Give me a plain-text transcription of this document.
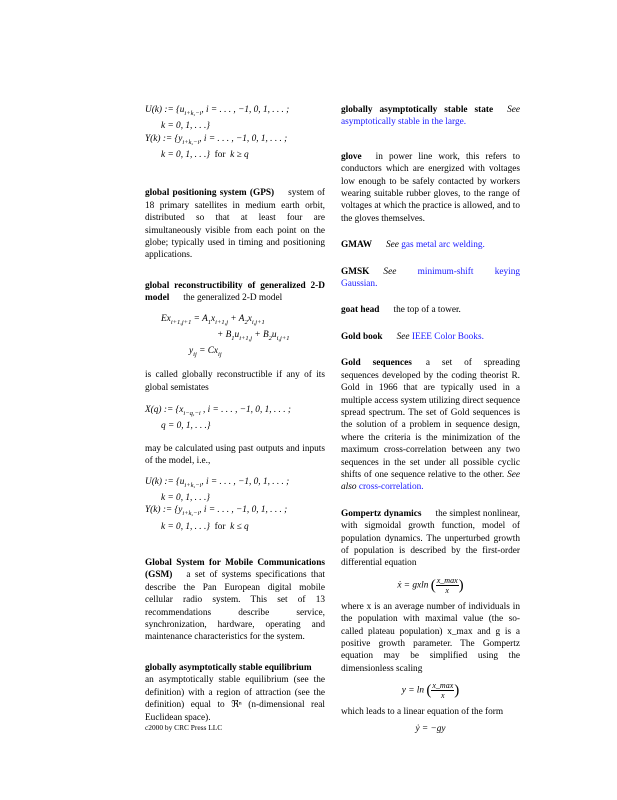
U(k) := {$u_{i+k,-i}$, i = . . . , −1, 0, 1, . . . ;
k = 0, 1, . . .}
Y(k) := {$y_{i+k,-i}$, i = . . . , −1, 0, 1, . . . ;
k = 0, 1, . . .}  for  k ≥ q

global positioning system (GPS) system of 18 primary satellites in medium earth orbit, distributed so that at least four are simultaneously visible from each point on the globe; typically used in timing and positioning applications.

global reconstructibility of generalized 2-D model the generalized 2-D model

$Ex_{i+1,j+1} = A_1x_{i+1,j} + A_2x_{i,j+1}$
+ $B_1u_{i+1,j} + B_2u_{i,j+1}$
$y_{ij} = Cx_{ij}$

is called globally reconstructible if any of its global semistates

X(q) := {$x_{i-q,-i}$ , i = . . . , −1, 0, 1, . . . ;
q = 0, 1, . . .}

may be calculated using past outputs and inputs of the model, i.e.,

U(k) := {$u_{i+k,-i}$, i = . . . , −1, 0, 1, . . . ;
k = 0, 1, . . .}
Y(k) := {$y_{i+k,-i}$, i = . . . , −1, 0, 1, . . . ;
k = 0, 1, . . .}  for  k ≤ q

Global System for Mobile Communications (GSM) a set of systems specifications that describe the Pan European digital mobile cellular radio system. This set of 13 recommendations describe service, synchronization, hardware, operating and maintenance characteristics for the system.

globally asymptotically stable equilibrium
an asymptotically stable equilibrium (see the definition) with a region of attraction (see the definition) equal to ℜⁿ (n-dimensional real Euclidean space).

globally asymptotically stable state See asymptotically stable in the large.

glove in power line work, this refers to conductors which are energized with voltages low enough to be safely contacted by workers wearing suitable rubber gloves, to the range of voltages at which the practice is allowed, and to the gloves themselves.

GMAW See gas metal arc welding.

GMSK See minimum-shift keying Gaussian.

goat head the top of a tower.

Gold book See IEEE Color Books.

Gold sequences a set of spreading sequences developed by the coding theorist R. Gold in 1966 that are typically used in a multiple access system utilizing direct sequence spread spectrum. The set of Gold sequences is the solution of a problem in sequence design, where the criteria is the minimization of the maximum cross-correlation between any two sequences in the set under all possible cyclic shifts of one sequence relative to the other. See also cross-correlation.

Gompertz dynamics the simplest nonlinear, with sigmoidal growth function, model of population dynamics. The unperturbed growth of population is described by the first-order differential equation

ẋ = gxln ( $\frac{x\_\max}{x}$ )

where x is an average number of individuals in the population with maximal value (the so-called plateau population) x_max and g is a positive growth parameter. The Gompertz equation may be simplified using the dimensionless scaling

y = ln ( $\frac{x\_\max}{x}$ )

which leads to a linear equation of the form

ẏ = −gy
c2000 by CRC Press LLC
